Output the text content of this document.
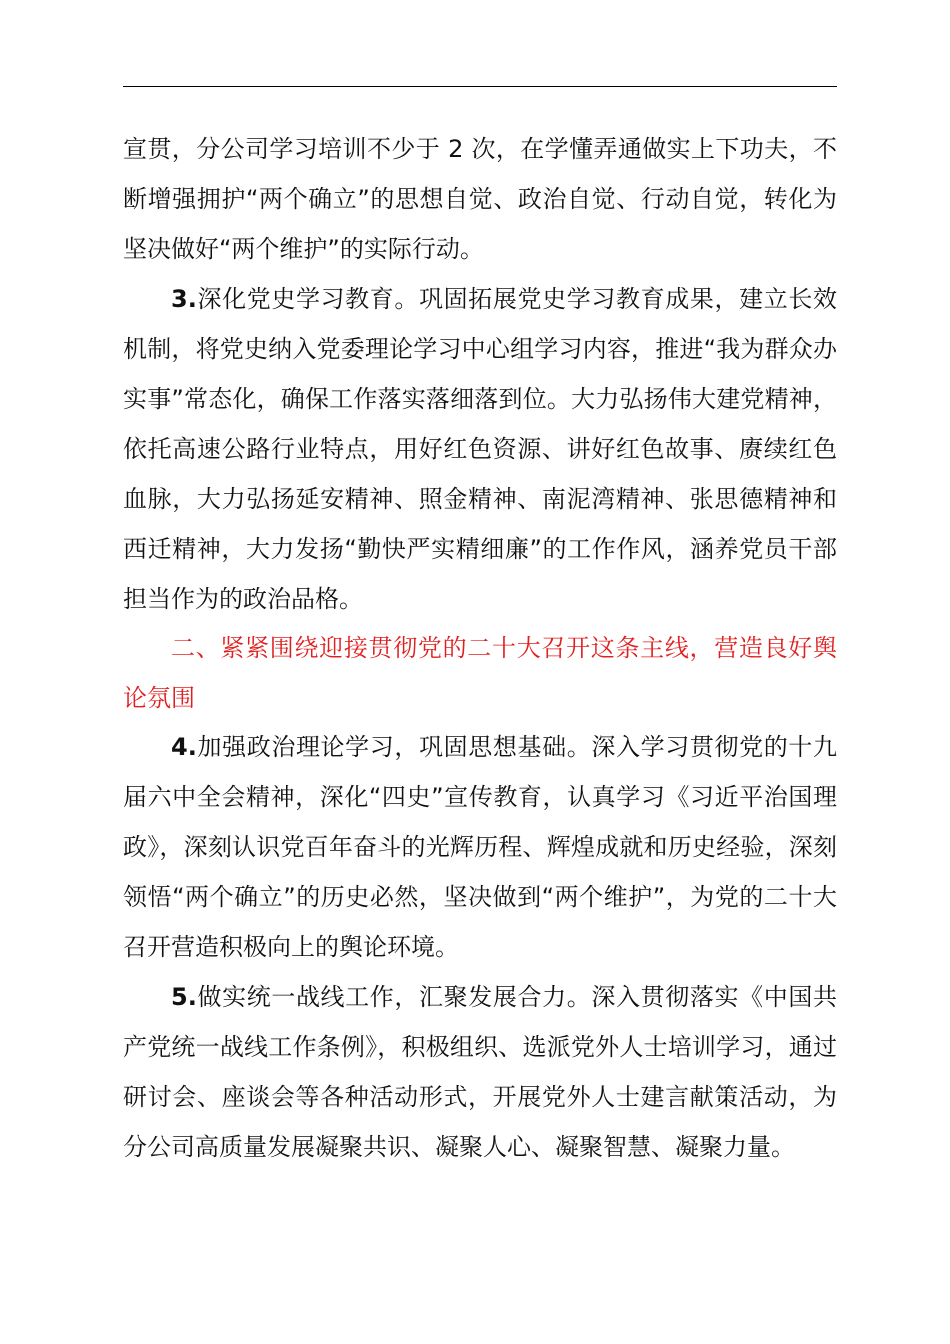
宣贯，分公司学习培训不少于 2 次，在学懂弄通做实上下功夫，不断增强拥护“两个确立”的思想自觉、政治自觉、行动自觉，转化为坚决做好“两个维护”的实际行动。

3.深化党史学习教育。巩固拓展党史学习教育成果，建立长效机制，将党史纳入党委理论学习中心组学习内容，推进“我为群众办实事”常态化，确保工作落实落细落到位。大力弘扬伟大建党精神，依托高速公路行业特点，用好红色资源、讲好红色故事、赓续红色血脉，大力弘扬延安精神、照金精神、南泥湾精神、张思德精神和西迁精神，大力发扬“勤快严实精细廉”的工作作风，涵养党员干部担当作为的政治品格。

二、紧紧围绕迎接贯彻党的二十大召开这条主线，营造良好舆论氛围

4.加强政治理论学习，巩固思想基础。深入学习贯彻党的十九届六中全会精神，深化“四史”宣传教育，认真学习《习近平治国理政》，深刻认识党百年奋斗的光辉历程、辉煌成就和历史经验，深刻领悟“两个确立”的历史必然，坚决做到“两个维护”，为党的二十大召开营造积极向上的舆论环境。

5.做实统一战线工作，汇聚发展合力。深入贯彻落实《中国共产党统一战线工作条例》，积极组织、选派党外人士培训学习，通过研讨会、座谈会等各种活动形式，开展党外人士建言献策活动，为分公司高质量发展凝聚共识、凝聚人心、凝聚智慧、凝聚力量。
